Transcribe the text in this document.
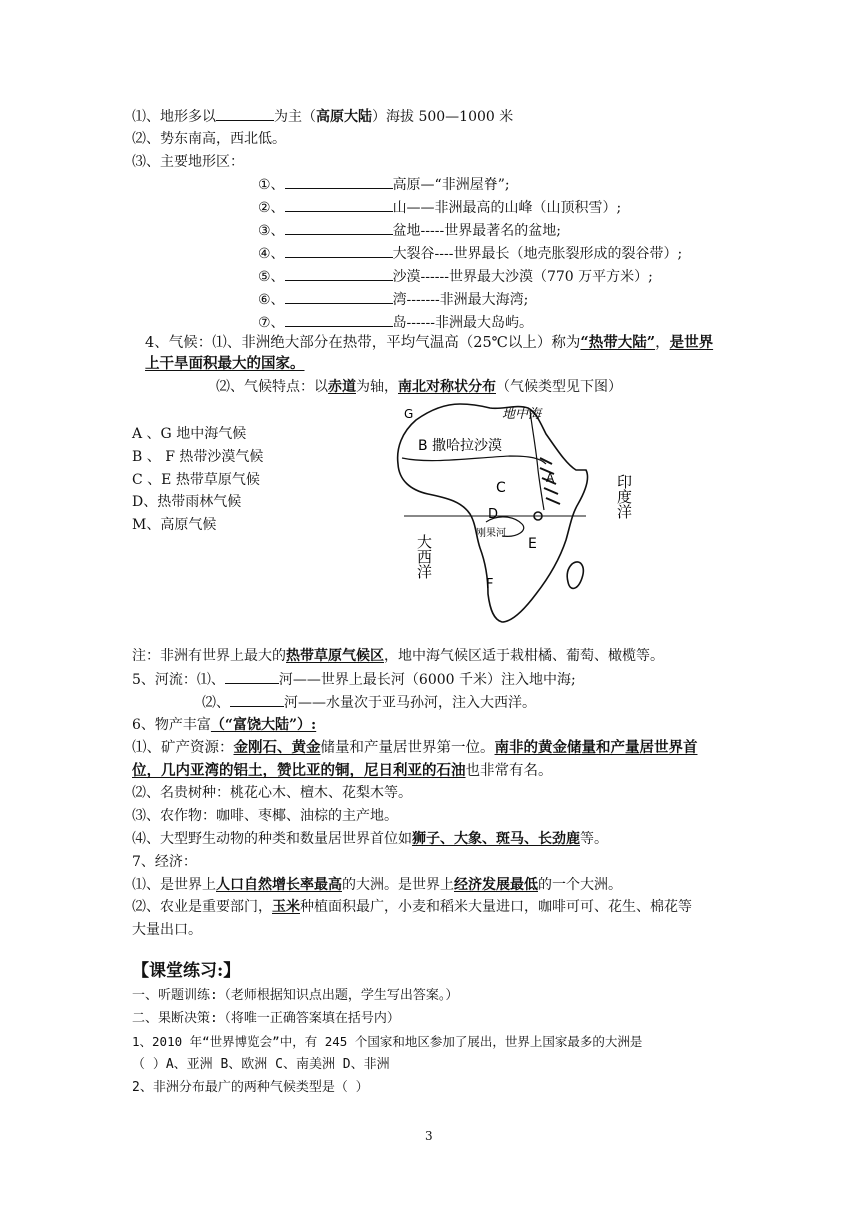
⑴、地形多以	为主（高原大陆）海拔 500—1000 米
⑵、势东南高，西北低。
⑶、主要地形区：
①、	高原—“非洲屋脊”;
②、	山——非洲最高的山峰（山顶积雪）;
③、	盆地-----世界最著名的盆地;
④、	大裂谷----世界最长（地壳胀裂形成的裂谷带）;
⑤、	沙漠------世界最大沙漠（770 万平方米）;
⑥、	湾-------非洲最大海湾;
⑦、	岛------非洲最大岛屿。
4、气候：⑴、非洲绝大部分在热带，平均气温高（25℃以上）称为“热带大陆”，是世界
上干旱面积最大的国家。
⑵、气候特点：以赤道为轴，南北对称状分布（气候类型见下图）
A 、G 地中海气候
B 、 F 热带沙漠气候
C 、E 热带草原气候
D、热带雨林气候
M、高原气候
地中海
B 撒哈拉沙漠
G
A
C
D
刚果河
E
F
印度洋
大西洋
注：非洲有世界上最大的热带草原气候区，地中海气候区适于栽柑橘、葡萄、橄榄等。
5、河流：⑴、	河——世界上最长河（6000 千米）注入地中海;
⑵、	河——水量次于亚马孙河，注入大西洋。
6、物产丰富（“富饶大陆”）:
⑴、矿产资源：金刚石、黄金储量和产量居世界第一位。南非的黄金储量和产量居世界首
位，几内亚湾的铝土，赞比亚的铜，尼日利亚的石油也非常有名。
⑵、名贵树种：桃花心木、檀木、花梨木等。
⑶、农作物：咖啡、枣椰、油棕的主产地。
⑷、大型野生动物的种类和数量居世界首位如狮子、大象、斑马、长劲鹿等。
7、经济：
⑴、是世界上人口自然增长率最高的大洲。是世界上经济发展最低的一个大洲。
⑵、农业是重要部门，玉米种植面积最广，小麦和稻米大量进口，咖啡可可、花生、棉花等
大量出口。
【课堂练习:】
一、听题训练:（老师根据知识点出题，学生写出答案。）
二、果断决策:（将唯一正确答案填在括号内）
1、2010 年“世界博览会”中，有 245 个国家和地区参加了展出，世界上国家最多的大洲是
（ ）A、亚洲 B、欧洲 C、南美洲 D、非洲
2、非洲分布最广的两种气候类型是（ ）
3
